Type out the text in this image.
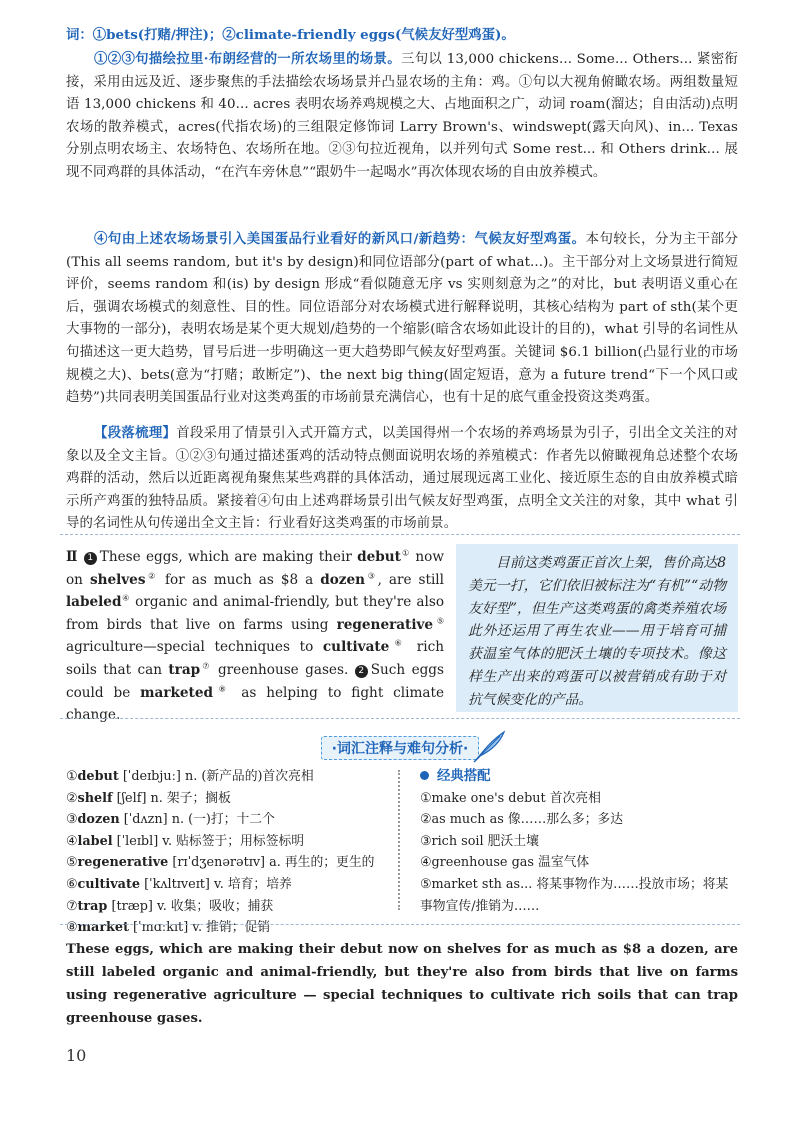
词：①bets(打赌/押注)；②climate-friendly eggs(气候友好型鸡蛋)。

①②③句描绘拉里·布朗经营的一所农场里的场景。三句以 13,000 chickens... Some... Others... 紧密衔接，采用由远及近、逐步聚焦的手法描绘农场场景并凸显农场的主角：鸡。①句以大视角俯瞰农场。两组数量短语 13,000 chickens 和 40... acres 表明农场养鸡规模之大、占地面积之广，动词 roam(溜达；自由活动)点明农场的散养模式，acres(代指农场)的三组限定修饰词 Larry Brown's、windswept(露天向风)、in... Texas 分别点明农场主、农场特色、农场所在地。②③句拉近视角，以并列句式 Some rest... 和 Others drink... 展现不同鸡群的具体活动，“在汽车旁休息”“跟奶牛一起喝水”再次体现农场的自由放养模式。

④句由上述农场场景引入美国蛋品行业看好的新风口/新趋势：气候友好型鸡蛋。本句较长，分为主干部分(This all seems random, but it's by design)和同位语部分(part of what...)。主干部分对上文场景进行简短评价，seems random 和(is) by design 形成“看似随意无序 vs 实则刻意为之”的对比，but 表明语义重心在后，强调农场模式的刻意性、目的性。同位语部分对农场模式进行解释说明，其核心结构为 part of sth(某个更大事物的一部分)，表明农场是某个更大规划/趋势的一个缩影(暗含农场如此设计的目的)，what 引导的名词性从句描述这一更大趋势，冒号后进一步明确这一更大趋势即气候友好型鸡蛋。关键词 $6.1 billion(凸显行业的市场规模之大)、bets(意为“打赌；敢断定”)、the next big thing(固定短语，意为 a future trend“下一个风口或趋势”)共同表明美国蛋品行业对这类鸡蛋的市场前景充满信心，也有十足的底气重金投资这类鸡蛋。

【段落梳理】首段采用了情景引入式开篇方式，以美国得州一个农场的养鸡场景为引子，引出全文关注的对象以及全文主旨。①②③句通过描述蛋鸡的活动特点侧面说明农场的养殖模式：作者先以俯瞰视角总述整个农场鸡群的活动，然后以近距离视角聚焦某些鸡群的具体活动，通过展现远离工业化、接近原生态的自由放养模式暗示所产鸡蛋的独特品质。紧接着④句由上述鸡群场景引出气候友好型鸡蛋，点明全文关注的对象，其中 what 引导的名词性从句传递出全文主旨：行业看好这类鸡蛋的市场前景。

Ⅱ 1 These eggs, which are making their debut① now on shelves② for as much as $8 a dozen③, are still labeled④ organic and animal-friendly, but they're also from birds that live on farms using regenerative⑤ agriculture—special techniques to cultivate⑥ rich soils that can trap⑦ greenhouse gases. 2 Such eggs could be marketed⑧ as helping to fight climate change.

目前这类鸡蛋正首次上架，售价高达8美元一打，它们依旧被标注为“有机”“动物友好型”，但生产这类鸡蛋的禽类养殖农场此外还运用了再生农业——用于培育可捕获温室气体的肥沃土壤的专项技术。像这样生产出来的鸡蛋可以被营销成有助于对抗气候变化的产品。

·词汇注释与难句分析·
①debut [ˈdeɪbjuː] n. (新产品的)首次亮相
②shelf [ʃelf] n. 架子；搁板
③dozen [ˈdʌzn] n. (一)打；十二个
④label [ˈleɪbl] v. 贴标签于；用标签标明
⑤regenerative [rɪˈdʒenərətɪv] a. 再生的；更生的
⑥cultivate [ˈkʌltɪveɪt] v. 培育；培养
⑦trap [træp] v. 收集；吸收；捕获
⑧market [ˈmɑːkɪt] v. 推销；促销
经典搭配
①make one's debut 首次亮相
②as much as 像……那么多；多达
③rich soil 肥沃土壤
④greenhouse gas 温室气体
⑤market sth as... 将某事物作为……投放市场；将某事物宣传/推销为……
These eggs, which are making their debut now on shelves for as much as $8 a dozen, are still labeled organic and animal-friendly, but they're also from birds that live on farms using regenerative agriculture — special techniques to cultivate rich soils that can trap greenhouse gases.
10
